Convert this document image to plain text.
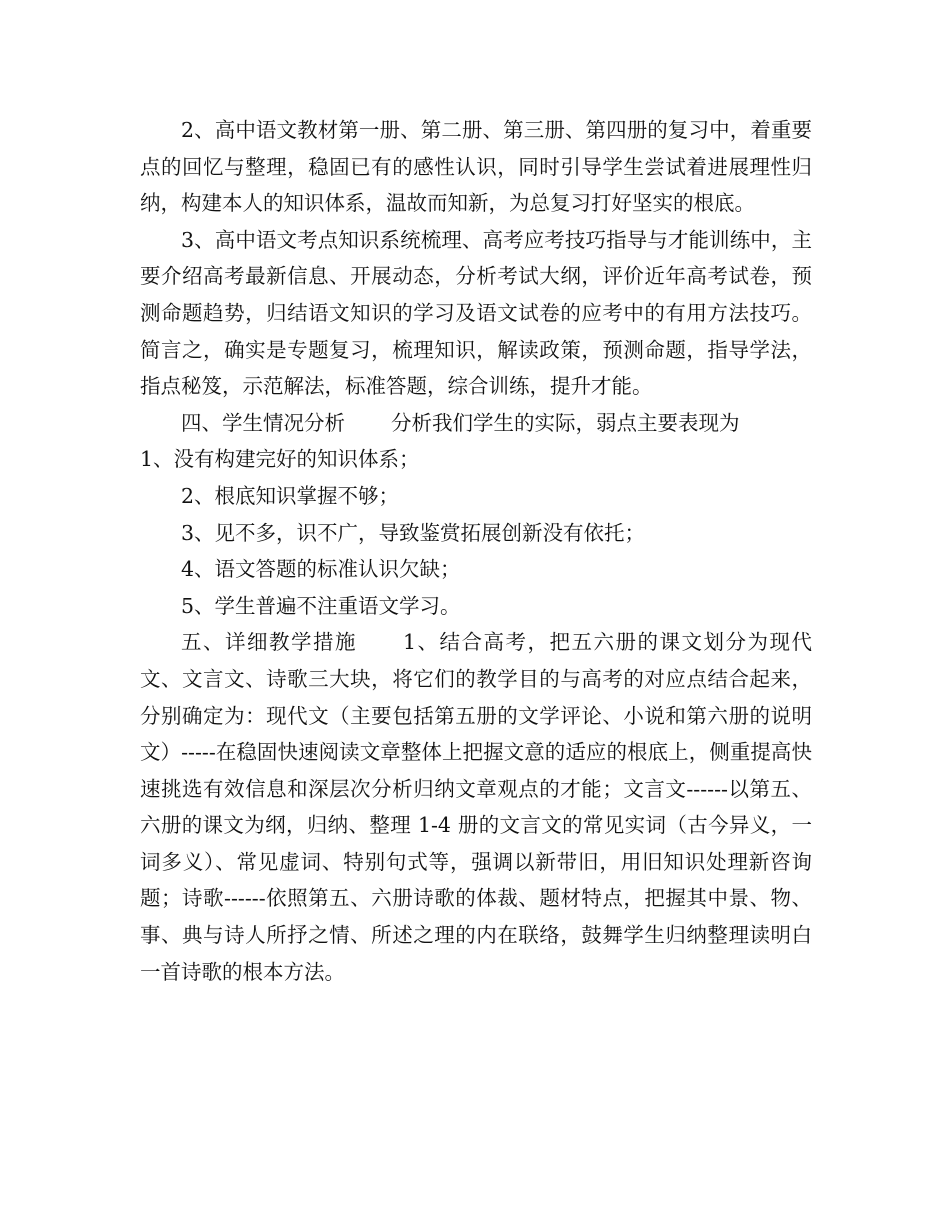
2、高中语文教材第一册、第二册、第三册、第四册的复习中，着重要点的回忆与整理，稳固已有的感性认识，同时引导学生尝试着进展理性归纳，构建本人的知识体系，温故而知新，为总复习打好坚实的根底。

3、高中语文考点知识系统梳理、高考应考技巧指导与才能训练中，主要介绍高考最新信息、开展动态，分析考试大纲，评价近年高考试卷，预测命题趋势，归结语文知识的学习及语文试卷的应考中的有用方法技巧。简言之，确实是专题复习，梳理知识，解读政策，预测命题，指导学法，指点秘笈，示范解法，标准答题，综合训练，提升才能。

四、学生情况分析 分析我们学生的实际，弱点主要表现为
1、没有构建完好的知识体系；

2、根底知识掌握不够；

3、见不多，识不广，导致鉴赏拓展创新没有依托；

4、语文答题的标准认识欠缺；

5、学生普遍不注重语文学习。

五、详细教学措施 1、结合高考，把五六册的课文划分为现代文、文言文、诗歌三大块，将它们的教学目的与高考的对应点结合起来，分别确定为：现代文（主要包括第五册的文学评论、小说和第六册的说明文）-----在稳固快速阅读文章整体上把握文意的适应的根底上，侧重提高快速挑选有效信息和深层次分析归纳文章观点的才能；文言文------以第五、六册的课文为纲，归纳、整理 1-4 册的文言文的常见实词（古今异义，一词多义）、常见虚词、特别句式等，强调以新带旧，用旧知识处理新咨询题；诗歌------依照第五、六册诗歌的体裁、题材特点，把握其中景、物、事、典与诗人所抒之情、所述之理的内在联络，鼓舞学生归纳整理读明白一首诗歌的根本方法。
